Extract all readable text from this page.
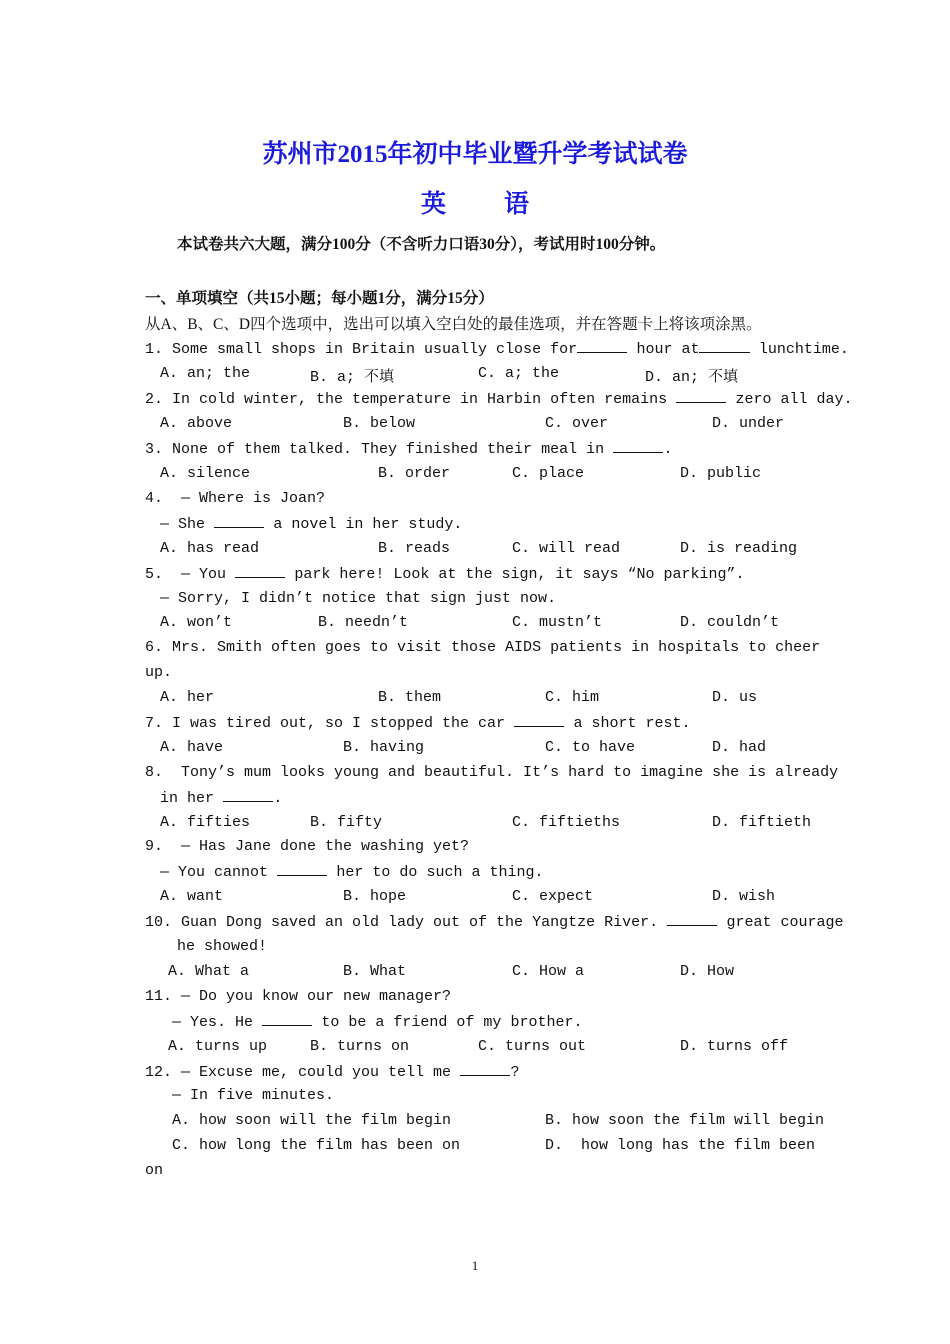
苏州市2015年初中毕业暨升学考试试卷
英 语
本试卷共六大题，满分100分（不含听力口语30分），考试用时100分钟。
一、单项填空（共15小题；每小题1分，满分15分）
从A、B、C、D四个选项中，选出可以填入空白处的最佳选项，并在答题卡上将该项涂黑。
1. Some small shops in Britain usually close for	hour at	lunchtime.
A. an; the	B. a; 不填	C. a; the	D. an; 不填
2. In cold winter, the temperature in Harbin often remains	zero all day.
A. above	B. below	C. over	D. under
3. None of them talked. They finished their meal in	.
A. silence	B. order	C. place	D. public
4.  — Where is Joan?
— She	a novel in her study.
A. has read	B. reads	C. will read	D. is reading
5.  — You	park here! Look at the sign, it says “No parking”.
— Sorry, I didn’t notice that sign just now.
A. won’t	B. needn’t	C. mustn’t	D. couldn’t
6. Mrs. Smith often goes to visit those AIDS patients in hospitals to cheer
up.
A. her	B. them	C. him	D. us
7. I was tired out, so I stopped the car	a short rest.
A. have	B. having	C. to have	D. had
8.  Tony’s mum looks young and beautiful. It’s hard to imagine she is already
in her	.
A. fifties	B. fifty	C. fiftieths	D. fiftieth
9.  — Has Jane done the washing yet?
— You cannot	her to do such a thing.
A. want	B. hope	C. expect	D. wish
10. Guan Dong saved an old lady out of the Yangtze River.	great courage
he showed!
A. What a	B. What	C. How a	D. How
11. — Do you know our new manager?
— Yes. He	to be a friend of my brother.
A. turns up	B. turns on	C. turns out	D. turns off
12. — Excuse me, could you tell me	?
— In five minutes.
A. how soon will the film begin	B. how soon the film will begin
C. how long the film has been on	D.  how long has the film been
on
1
